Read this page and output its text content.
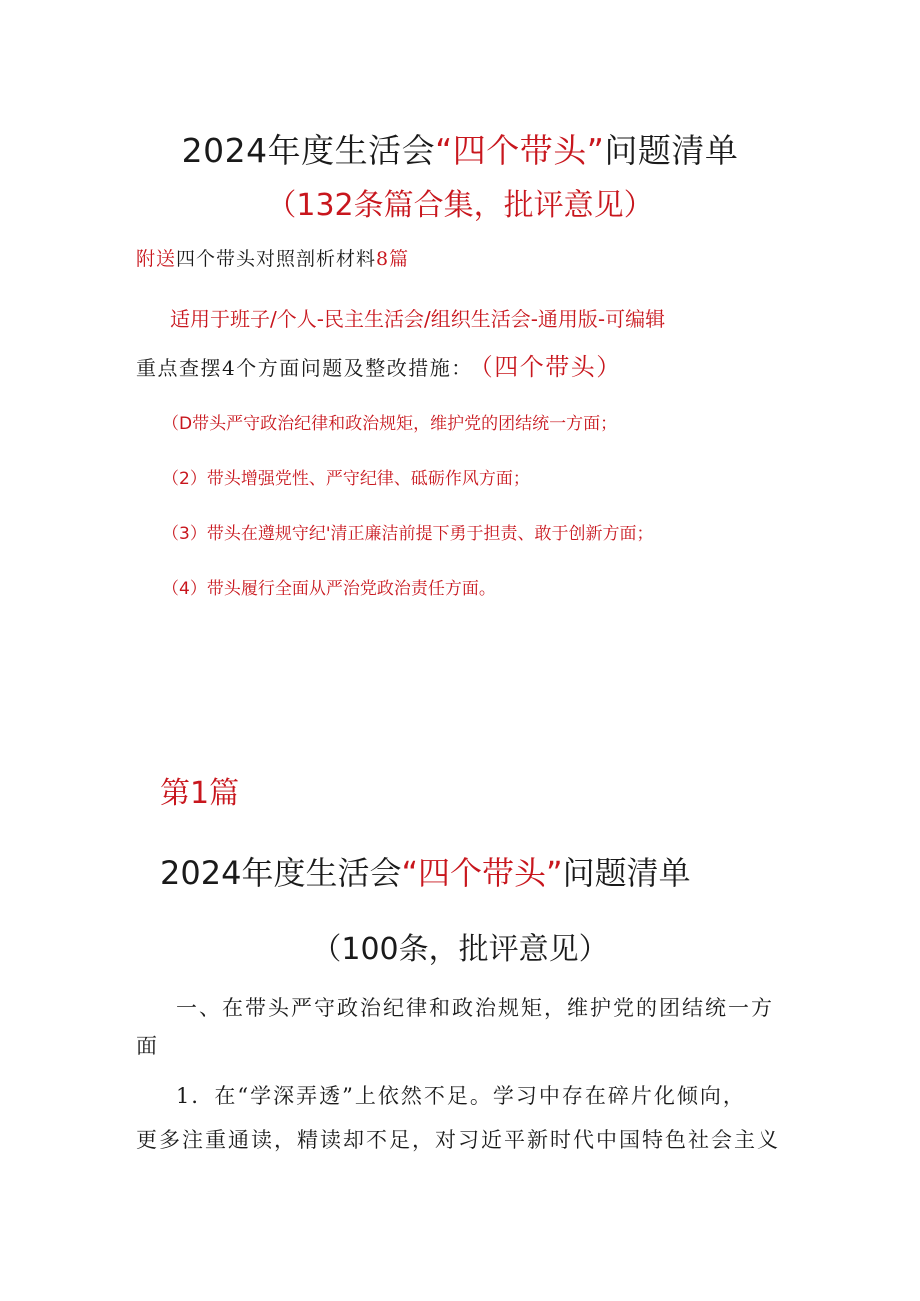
2024年度生活会“四个带头”问题清单
（132条篇合集，批评意见）
附送四个带头对照剖析材料8篇
适用于班子/个人-民主生活会/组织生活会-通用版-可编辑
重点查摆4个方面问题及整改措施： （四个带头）
（D带头严守政治纪律和政治规矩，维护党的团结统一方面；
（2）带头增强党性、严守纪律、砥砺作风方面；
（3）带头在遵规守纪'清正廉洁前提下勇于担责、敢于创新方面；
（4）带头履行全面从严治党政治责任方面。
第1篇
2024年度生活会“四个带头”问题清单
（100条，批评意见）
一、在带头严守政治纪律和政治规矩，维护党的团结统一方
面
1．在“学深弄透”上依然不足。学习中存在碎片化倾向，
更多注重通读，精读却不足，对习近平新时代中国特色社会主义
